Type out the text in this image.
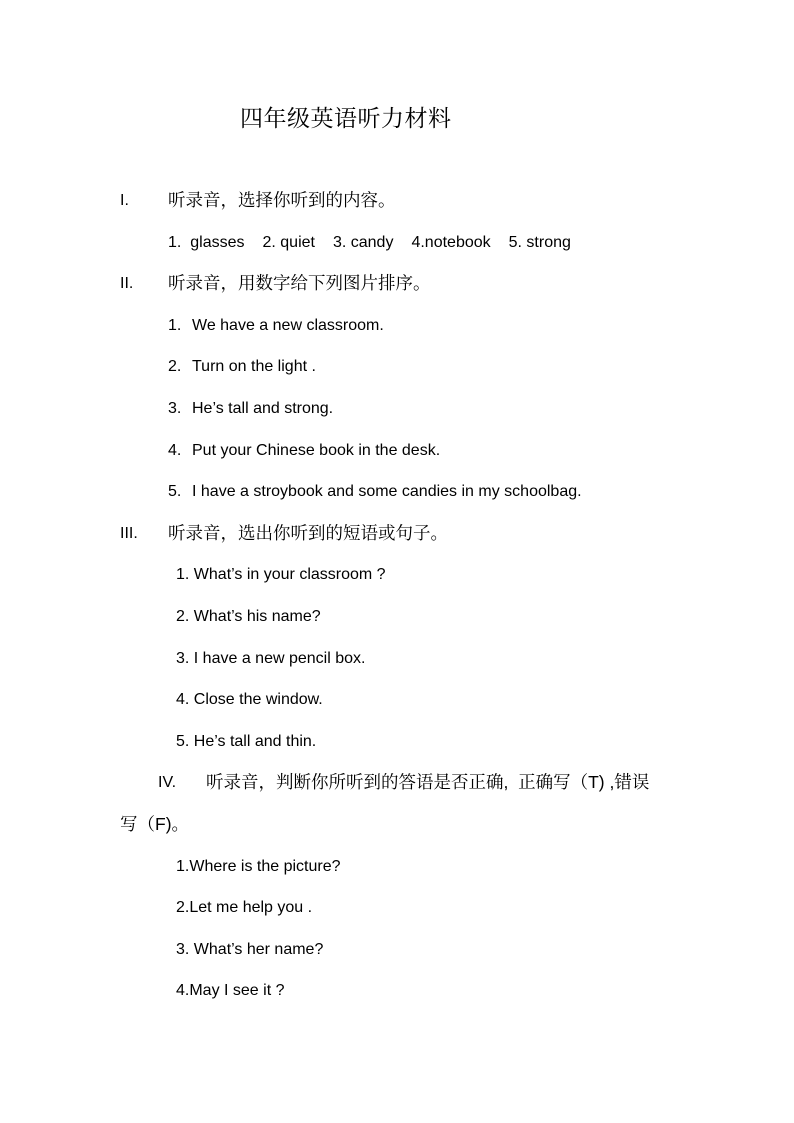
四年级英语听力材料
I. 听录音，选择你听到的内容。
1.  glasses 2. quiet 3. candy 4.notebook 5. strong
II. 听录音，用数字给下列图片排序。
1. We have a new classroom.
2. Turn on the light .
3. He’s tall and strong.
4. Put your Chinese book in the desk.
5. I have a stroybook and some candies in my schoolbag.
III. 听录音，选出你听到的短语或句子。
1. What’s in your classroom ?
2. What’s his name?
3. I have a new pencil box.
4. Close the window.
5. He’s tall and thin.
IV. 听录音，判断你所听到的答语是否正确,  正确写（T) ,错误
写（F)。
1.Where is the picture?
2.Let me help you .
3. What’s her name?
4.May I see it ?
